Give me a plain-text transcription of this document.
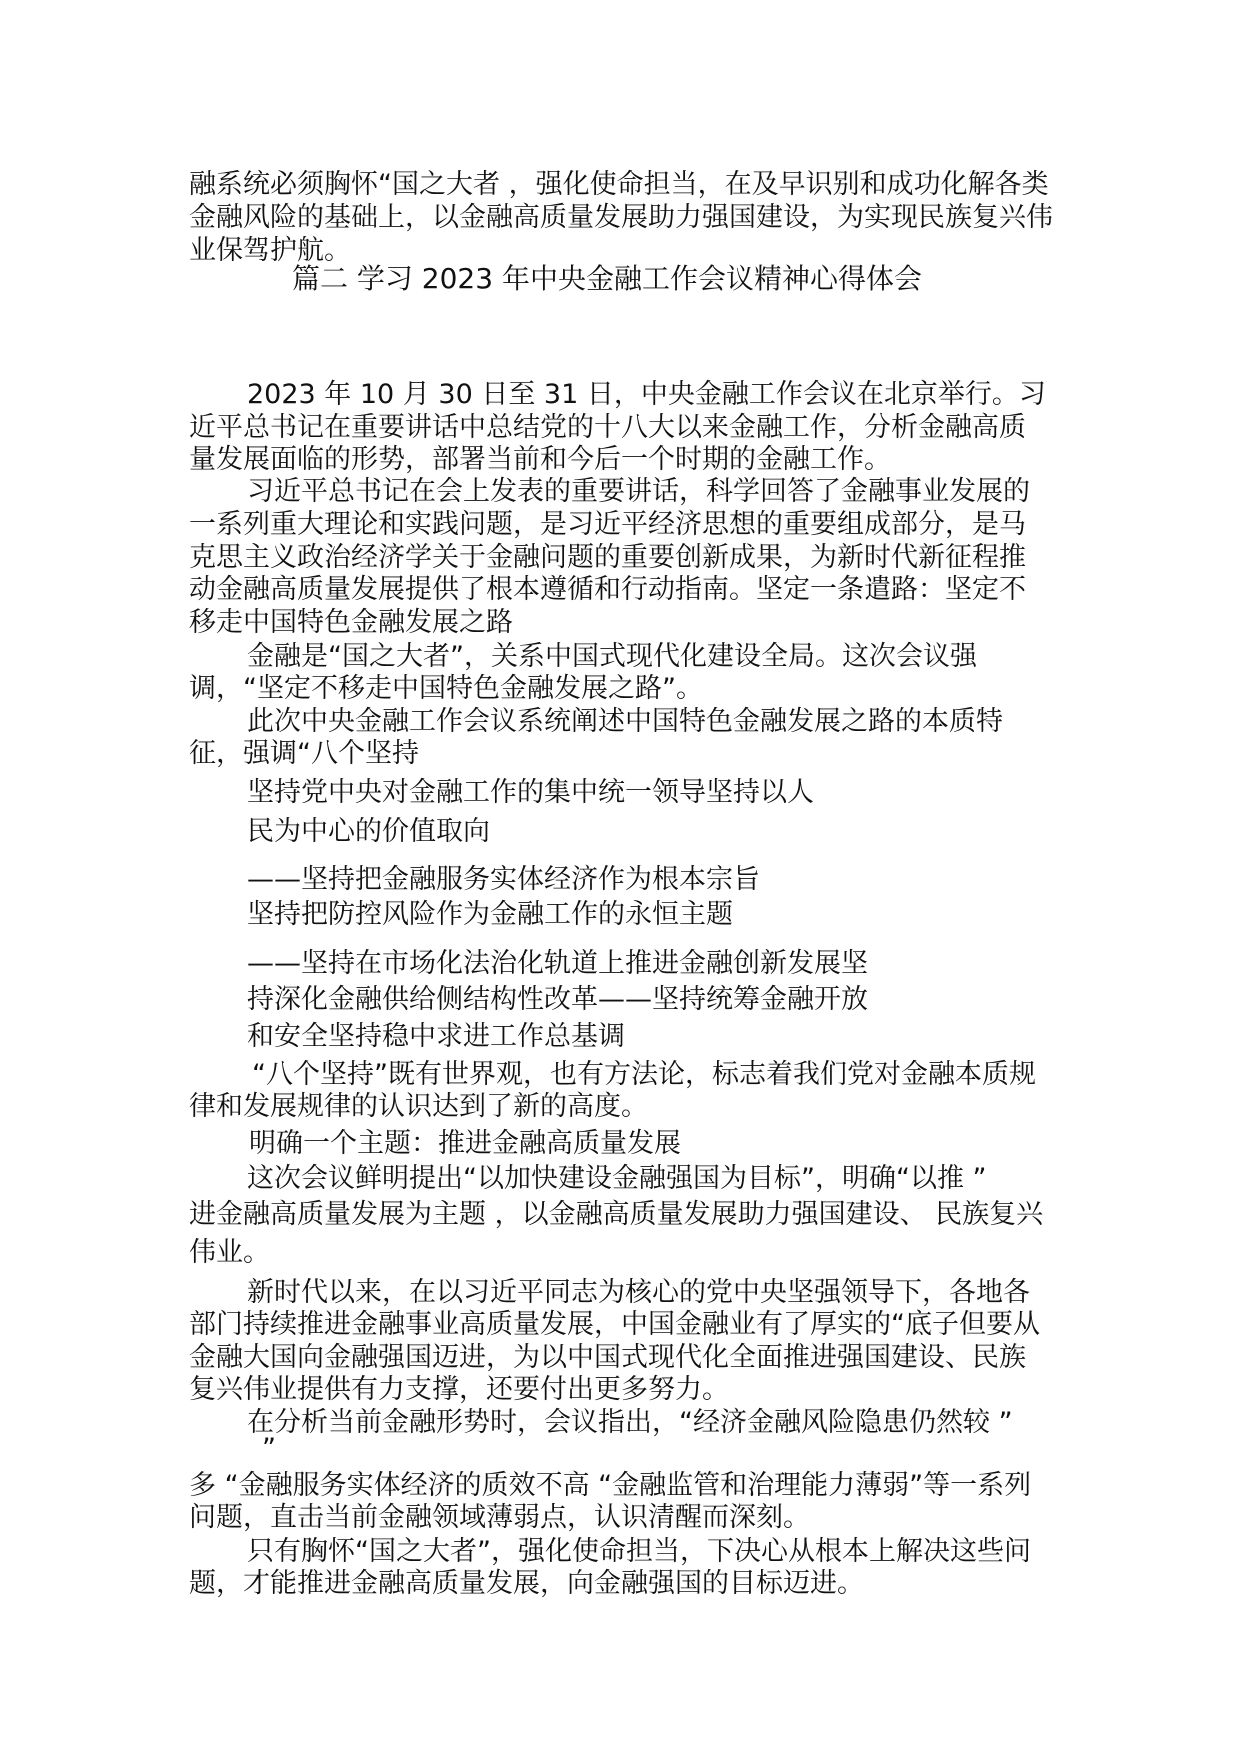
融系统必须胸怀“国之大者 ，强化使命担当，在及早识别和成功化解各类

金融风险的基础上，以金融高质量发展助力强国建设，为实现民族复兴伟

业保驾护航。

篇二 学习 2023 年中央金融工作会议精神心得体会

2023 年 10 月 30 日至 31 日，中央金融工作会议在北京举行。习

近平总书记在重要讲话中总结党的十八大以来金融工作，分析金融高质

量发展面临的形势，部署当前和今后一个时期的金融工作。

习近平总书记在会上发表的重要讲话，科学回答了金融事业发展的

一系列重大理论和实践问题，是习近平经济思想的重要组成部分，是马

克思主义政治经济学关于金融问题的重要创新成果，为新时代新征程推

动金融高质量发展提供了根本遵循和行动指南。坚定一条遣路：坚定不

移走中国特色金融发展之路

金融是“国之大者”，关系中国式现代化建设全局。这次会议强

调，“坚定不移走中国特色金融发展之路”。

此次中央金融工作会议系统阐述中国特色金融发展之路的本质特

征，强调“八个坚持

坚持党中央对金融工作的集中统一领导坚持以人

民为中心的价值取向

——坚持把金融服务实体经济作为根本宗旨

坚持把防控风险作为金融工作的永恒主题

——坚持在市场化法治化轨道上推进金融创新发展坚

持深化金融供给侧结构性改革——坚持统筹金融开放

和安全坚持稳中求进工作总基调

“八个坚持”既有世界观，也有方法论，标志着我们党对金融本质规

律和发展规律的认识达到了新的高度。

明确一个主题：推进金融高质量发展

这次会议鲜明提出“以加快建设金融强国为目标”，明确“以推 ”

进金融高质量发展为主题 ，以金融高质量发展助力强国建设、 民族复兴

伟业。

新时代以来，在以习近平同志为核心的党中央坚强领导下，各地各

部门持续推进金融事业高质量发展，中国金融业有了厚实的“底子但要从

金融大国向金融强国迈进，为以中国式现代化全面推进强国建设、民族

复兴伟业提供有力支撑，还要付出更多努力。

在分析当前金融形势时，会议指出，“经济金融风险隐患仍然较 ”

”

多 “金融服务实体经济的质效不高 “金融监管和治理能力薄弱”等一系列

问题，直击当前金融领域薄弱点，认识清醒而深刻。

只有胸怀“国之大者”，强化使命担当，下决心从根本上解决这些问

题，才能推进金融高质量发展，向金融强国的目标迈进。
